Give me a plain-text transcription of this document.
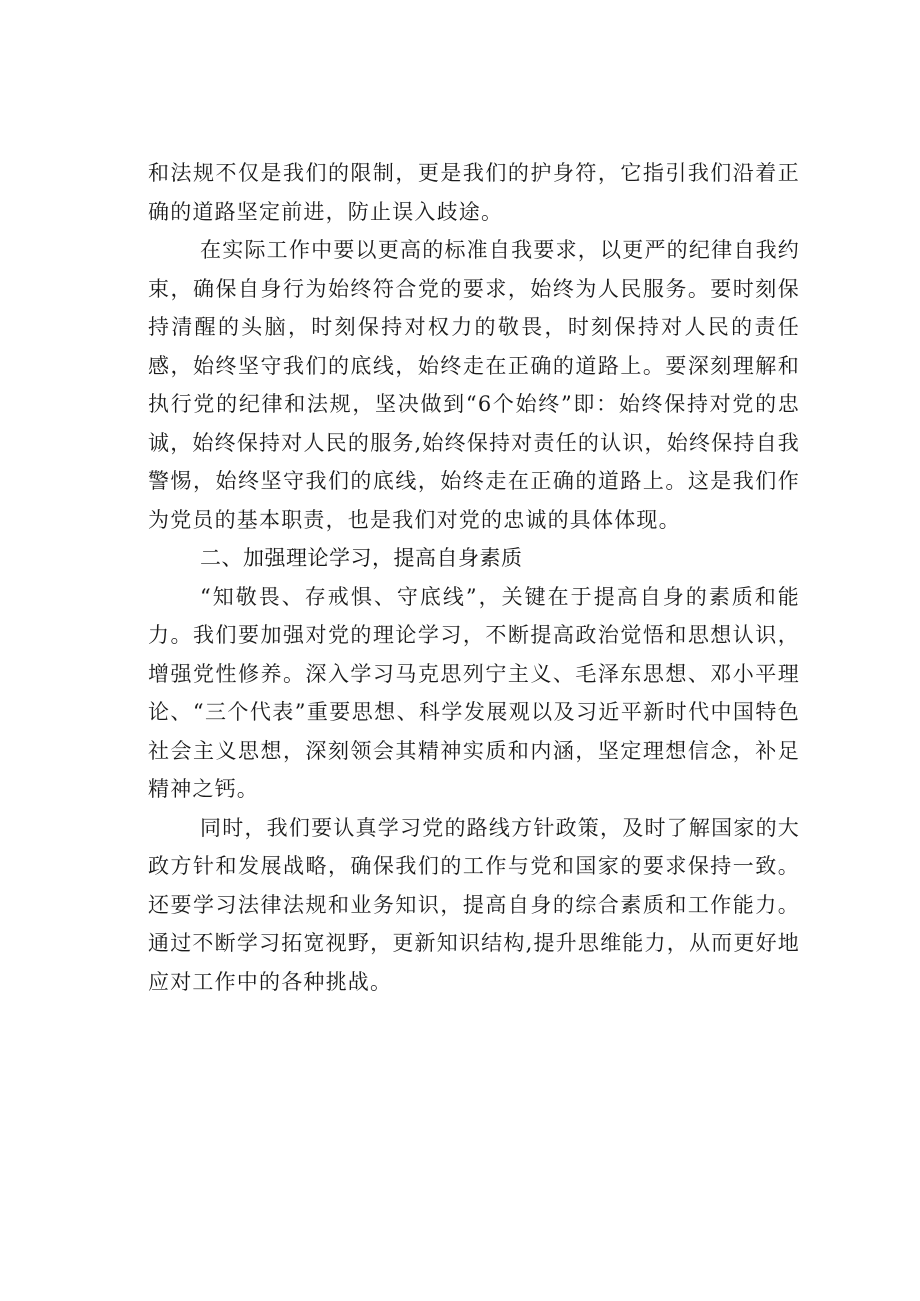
和法规不仅是我们的限制，更是我们的护身符，它指引我们沿着正确的道路坚定前进，防止误入歧途。

在实际工作中要以更高的标准自我要求，以更严的纪律自我约束，确保自身行为始终符合党的要求，始终为人民服务。要时刻保持清醒的头脑，时刻保持对权力的敬畏，时刻保持对人民的责任感，始终坚守我们的底线，始终走在正确的道路上。要深刻理解和执行党的纪律和法规，坚决做到“6个始终”即：始终保持对党的忠诚，始终保持对人民的服务,始终保持对责任的认识，始终保持自我警惕，始终坚守我们的底线，始终走在正确的道路上。这是我们作为党员的基本职责，也是我们对党的忠诚的具体体现。

二、加强理论学习，提高自身素质

“知敬畏、存戒惧、守底线”，关键在于提高自身的素质和能力。我们要加强对党的理论学习，不断提高政治觉悟和思想认识，增强党性修养。深入学习马克思列宁主义、毛泽东思想、邓小平理论、“三个代表”重要思想、科学发展观以及习近平新时代中国特色社会主义思想，深刻领会其精神实质和内涵，坚定理想信念，补足精神之钙。

同时，我们要认真学习党的路线方针政策，及时了解国家的大政方针和发展战略，确保我们的工作与党和国家的要求保持一致。还要学习法律法规和业务知识，提高自身的综合素质和工作能力。通过不断学习拓宽视野，更新知识结构,提升思维能力，从而更好地应对工作中的各种挑战。
